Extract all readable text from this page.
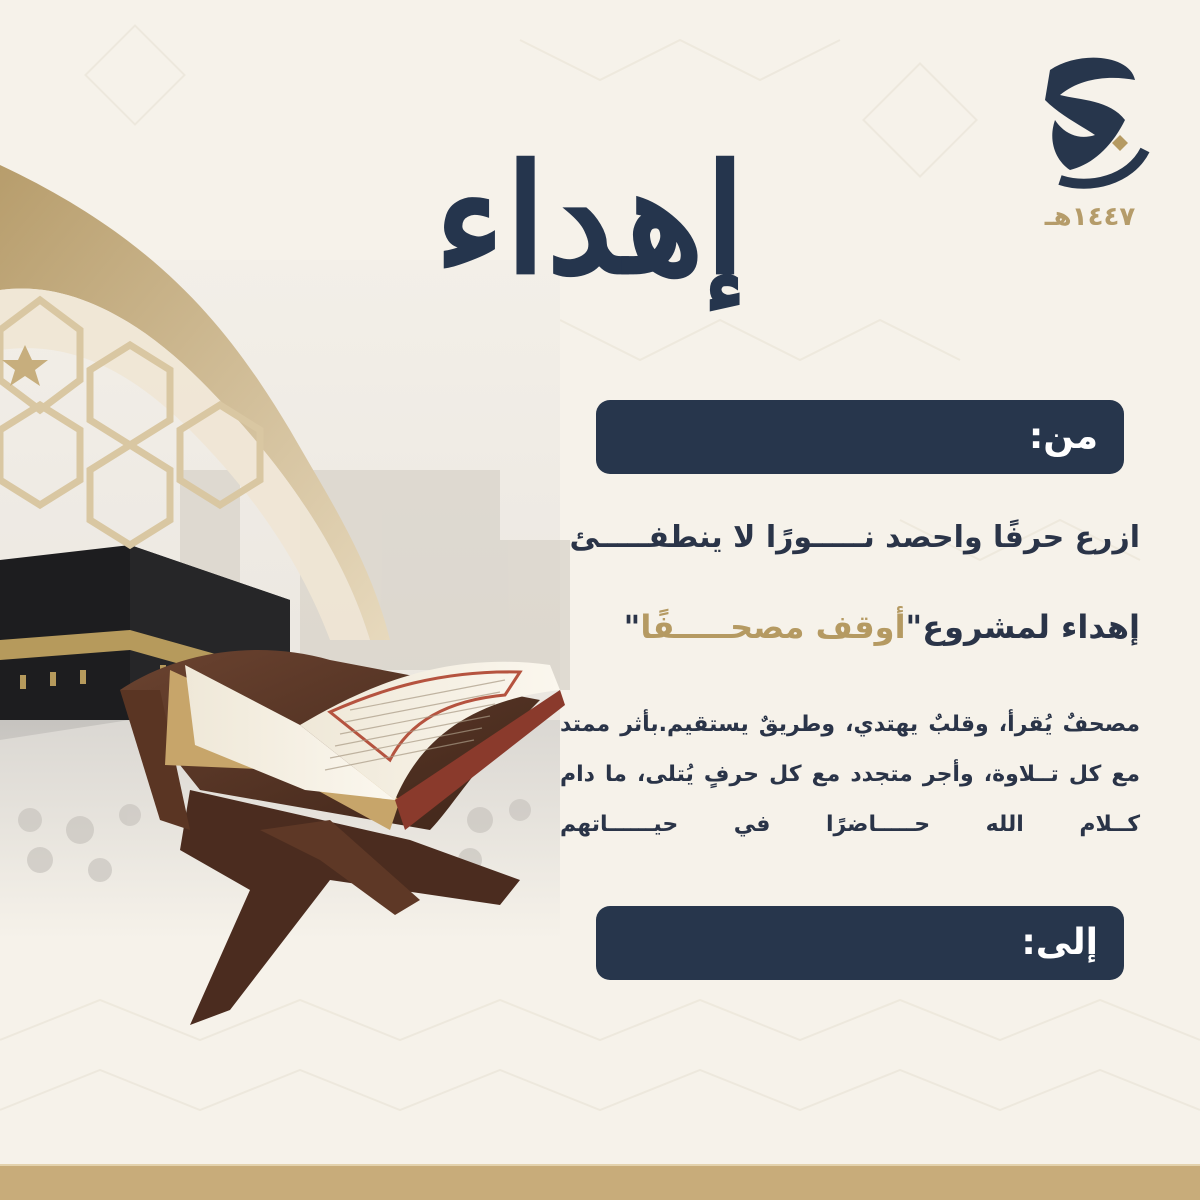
١٤٤٧هـ
إهداء
من:
ازرع حرفًا واحصد نـــــورًا لا ينطفـــــئ
إهداء لمشروع"أوقف مصحـــــفًا"
مصحفٌ يُقرأ، وقلبٌ يهتدي، وطريقٌ يستقيم.بأثر ممتد مع كل تــلاوة، وأجر متجدد مع كل حرفٍ يُتلى، ما دام كــلام الله حـــــاضرًا في حيــــــاتهم
إلى:
